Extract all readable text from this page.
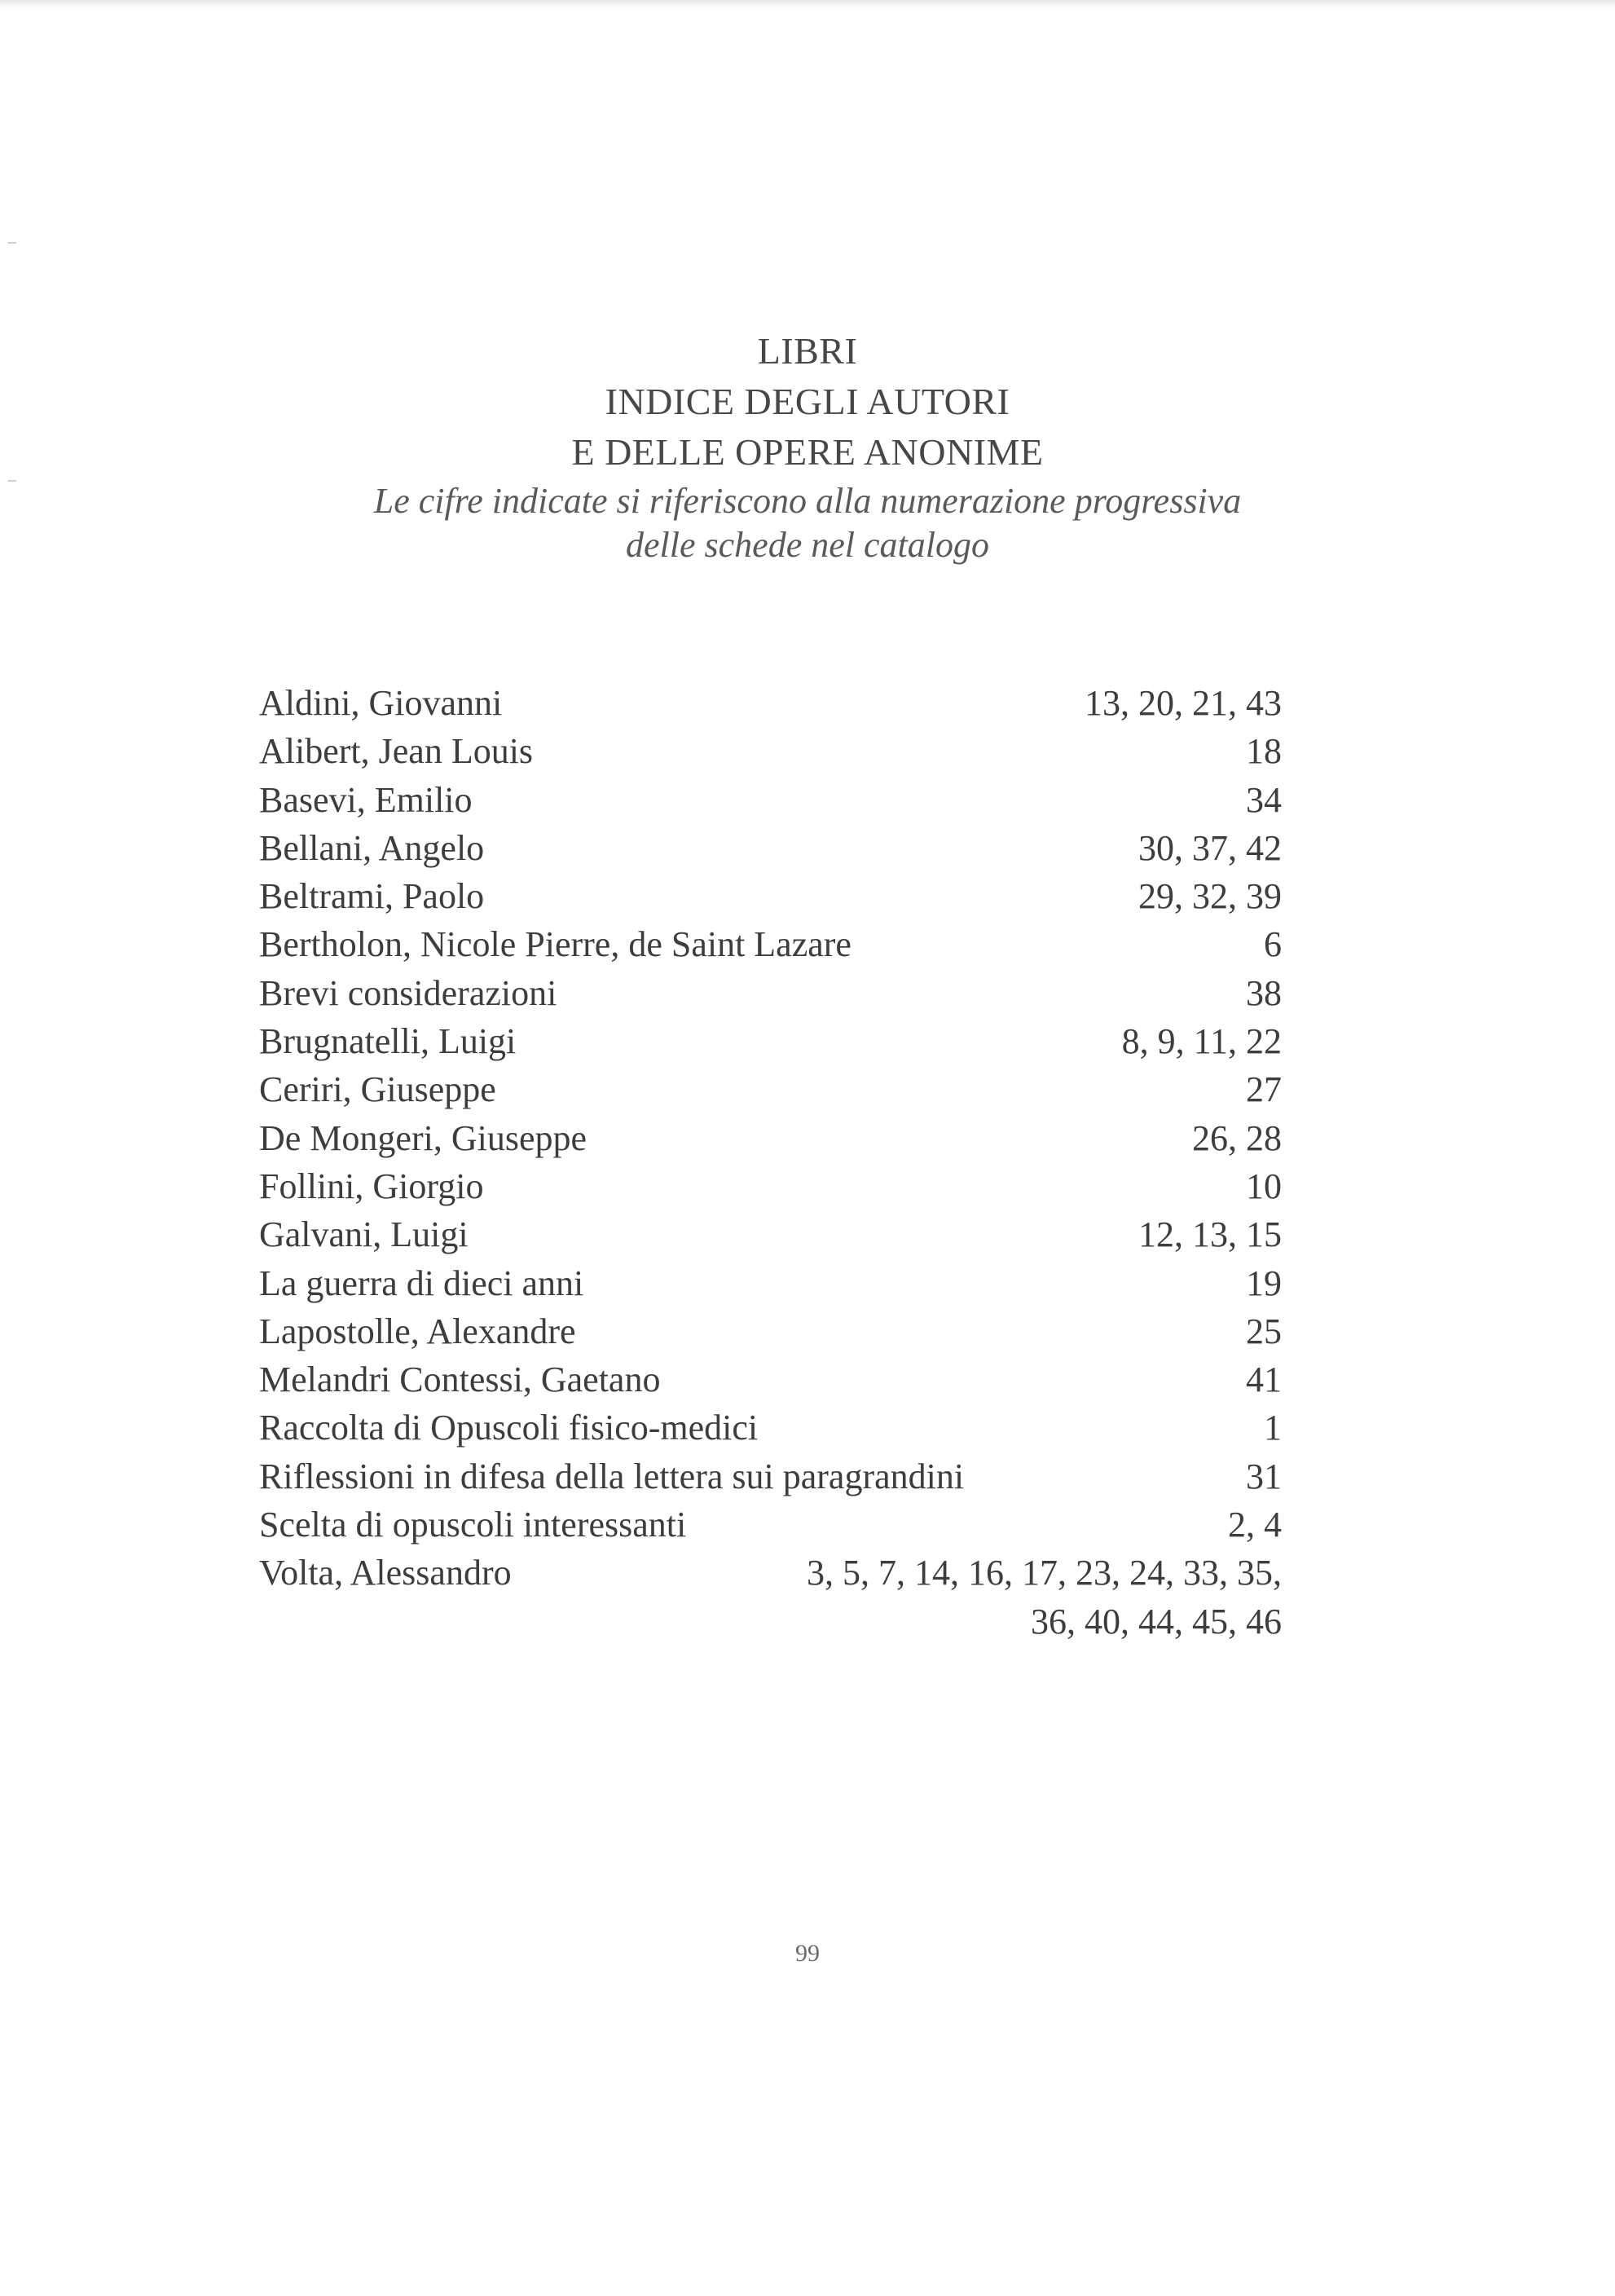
⁻
⁻
LIBRI
INDICE DEGLI AUTORI
E DELLE OPERE ANONIME
Le cifre indicate si riferiscono alla numerazione progressiva
delle schede nel catalogo
Aldini, Giovanni	13, 20, 21, 43
Alibert, Jean Louis	18
Basevi, Emilio	34
Bellani, Angelo	30, 37, 42
Beltrami, Paolo	29, 32, 39
Bertholon, Nicole Pierre, de Saint Lazare	6
Brevi considerazioni	38
Brugnatelli, Luigi	8, 9, 11, 22
Ceriri, Giuseppe	27
De Mongeri, Giuseppe	26, 28
Follini, Giorgio	10
Galvani, Luigi	12, 13, 15
La guerra di dieci anni	19
Lapostolle, Alexandre	25
Melandri Contessi, Gaetano	41
Raccolta di Opuscoli fisico-medici	1
Riflessioni in difesa della lettera sui paragrandini	31
Scelta di opuscoli interessanti	2, 4
Volta, Alessandro	3, 5, 7, 14, 16, 17, 23, 24, 33, 35,
36, 40, 44, 45, 46
99
